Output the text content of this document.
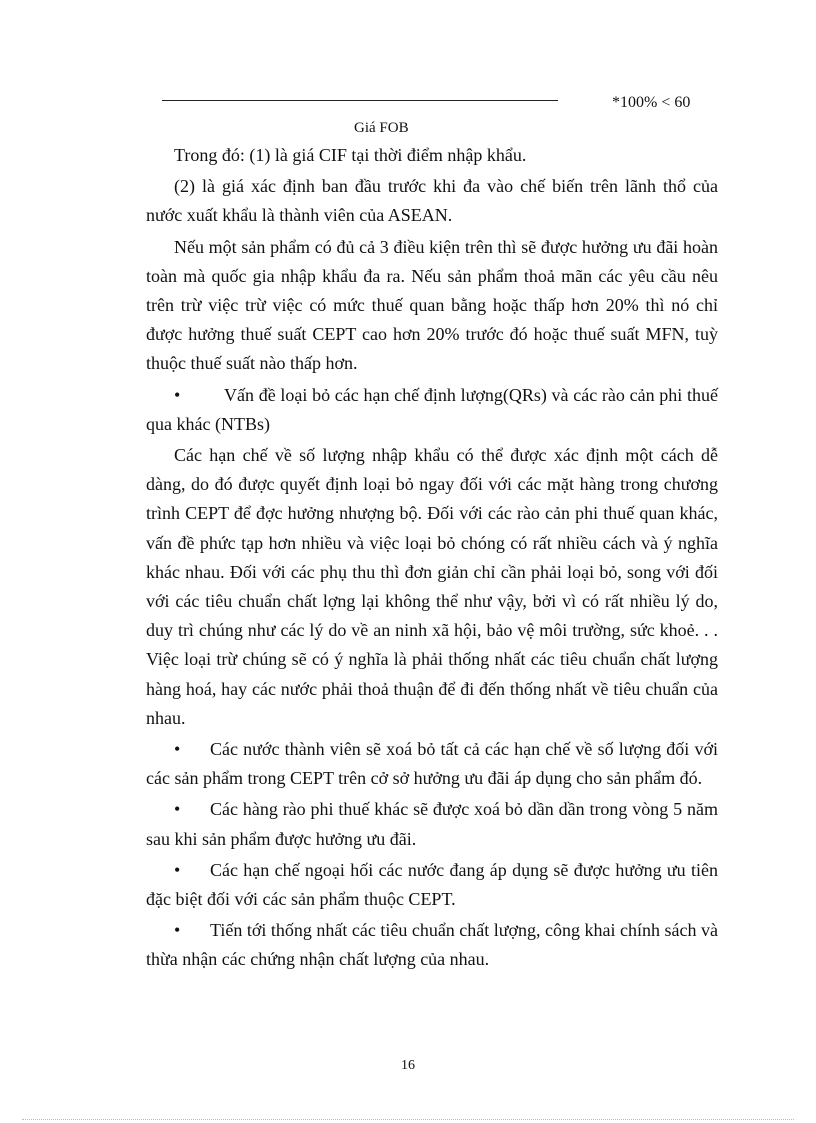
*100% < 60
Giá FOB

Trong đó: (1) là giá CIF tại thời điểm nhập khẩu.

(2) là giá xác định ban đầu trước khi đa vào chế biến trên lãnh thổ của nước xuất khẩu là thành viên của ASEAN.

Nếu một sản phẩm có đủ cả 3 điều kiện trên thì sẽ được hưởng ưu đãi hoàn toàn mà quốc gia nhập khẩu đa ra. Nếu sản phẩm thoả mãn các yêu cầu nêu trên trừ việc trừ việc có mức thuế quan bằng hoặc thấp hơn 20% thì nó chỉ được hưởng thuế suất CEPT cao hơn 20% trước đó hoặc thuế suất MFN, tuỳ thuộc thuế suất nào thấp hơn.

• Vấn đề loại bỏ các hạn chế định lượng(QRs) và các rào cản phi thuế qua khác (NTBs)

Các hạn chế về số lượng nhập khẩu có thể được xác định một cách dễ dàng, do đó được quyết định loại bỏ ngay đối với các mặt hàng trong chương trình CEPT để đợc hưởng nhượng bộ. Đối với các rào cản phi thuế quan khác, vấn đề phức tạp hơn nhiều và việc loại bỏ chóng có rất nhiều cách và ý nghĩa khác nhau. Đối với các phụ thu thì đơn giản chỉ cần phải loại bỏ, song với đối với các tiêu chuẩn chất lợng lại không thể như vậy, bởi vì có rất nhiều lý do, duy trì chúng như các lý do về an ninh xã hội, bảo vệ môi trường, sức khoẻ. . . Việc loại trừ chúng sẽ có ý nghĩa là phải thống nhất các tiêu chuẩn chất lượng hàng hoá, hay các nước phải thoả thuận để đi đến thống nhất về tiêu chuẩn của nhau.

• Các nước thành viên sẽ xoá bỏ tất cả các hạn chế về số lượng đối với các sản phẩm trong CEPT trên cở sở hưởng ưu đãi áp dụng cho sản phẩm đó.

• Các hàng rào phi thuế khác sẽ được xoá bỏ dần dần trong vòng 5 năm sau khi sản phẩm được hưởng ưu đãi.

• Các hạn chế ngoại hối các nước đang áp dụng sẽ được hưởng ưu tiên đặc biệt đối với các sản phẩm thuộc CEPT.

• Tiến tới thống nhất các tiêu chuẩn chất lượng, công khai chính sách và thừa nhận các chứng nhận chất lượng của nhau.

16
